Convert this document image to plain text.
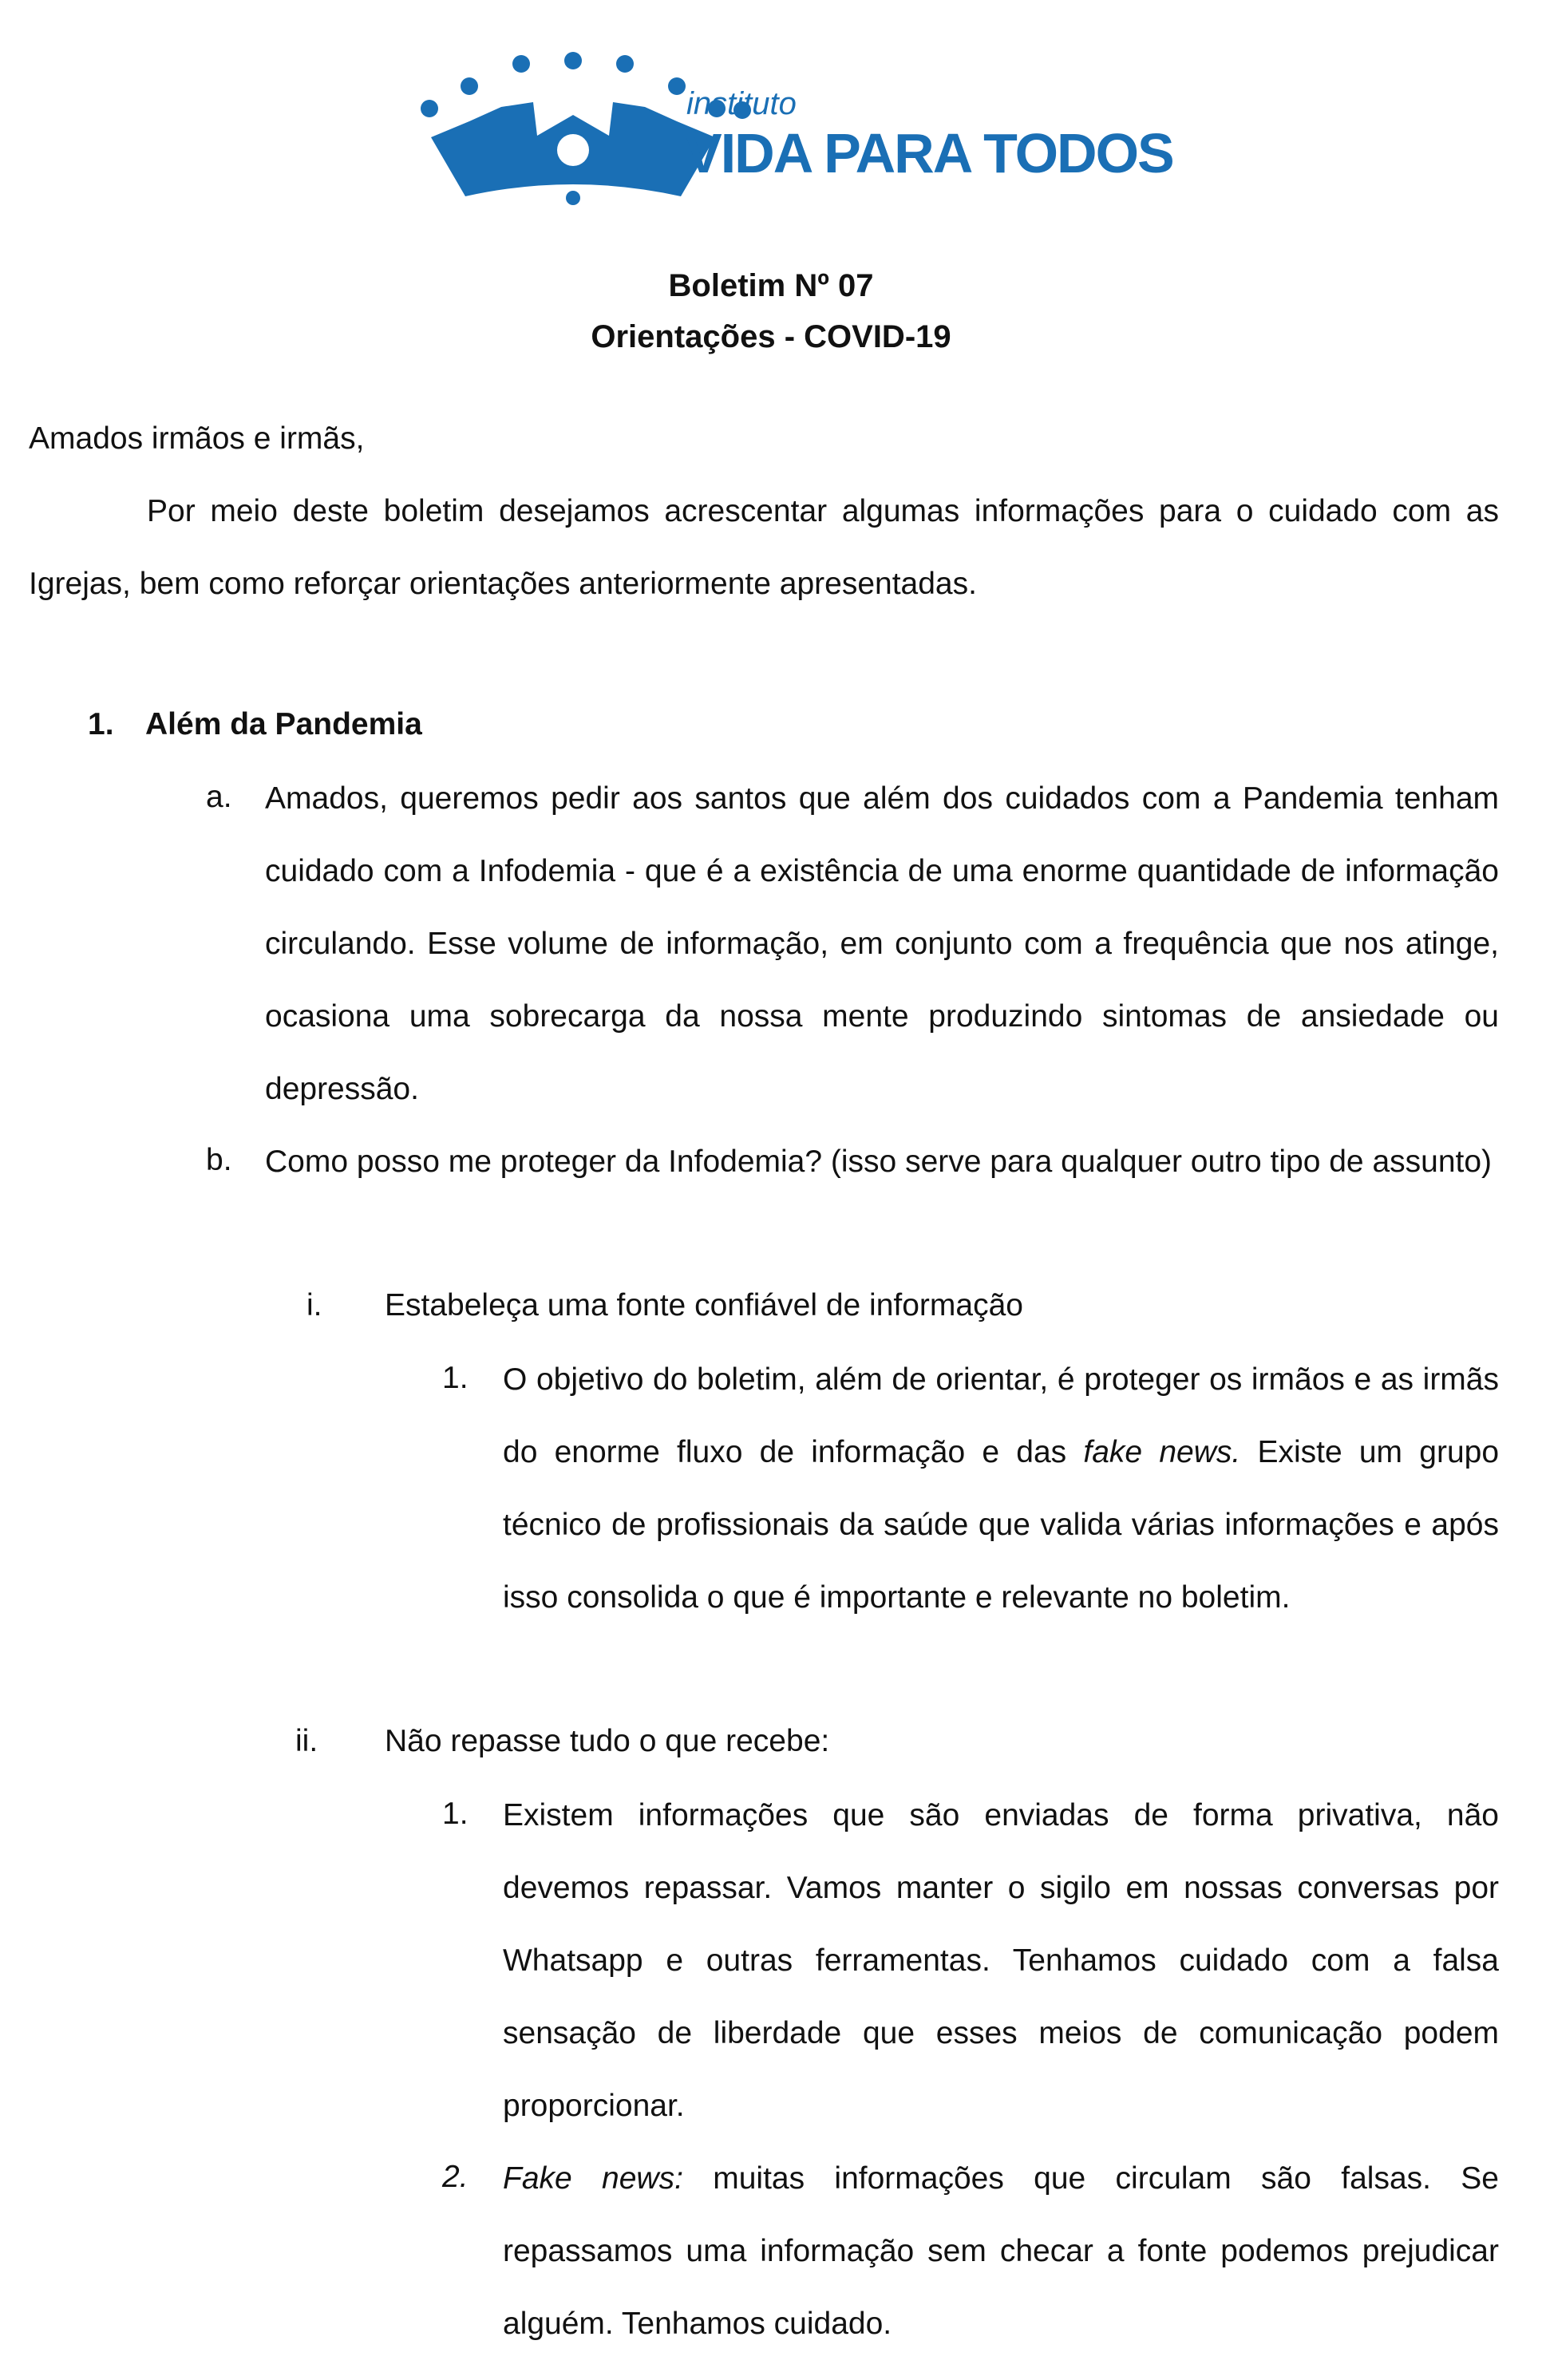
instituto
VIDA PARA TODOS
Boletim Nº 07
Orientações - COVID-19
Amados irmãos e irmãs,
Por meio deste boletim desejamos acrescentar algumas informações para o cuidado com as Igrejas, bem como reforçar orientações anteriormente apresentadas.
1. Além da Pandemia
a. Amados, queremos pedir aos santos que além dos cuidados com a Pandemia tenham cuidado com a Infodemia - que é a existência de uma enorme quantidade de informação circulando. Esse volume de informação, em conjunto com a frequência que nos atinge, ocasiona uma sobrecarga da nossa mente produzindo sintomas de ansiedade ou depressão.
b. Como posso me proteger da Infodemia? (isso serve para qualquer outro tipo de assunto)
i. Estabeleça uma fonte confiável de informação
1. O objetivo do boletim, além de orientar, é proteger os irmãos e as irmãs do enorme fluxo de informação e das fake news. Existe um grupo técnico de profissionais da saúde que valida várias informações e após isso consolida o que é importante e relevante no boletim.
ii. Não repasse tudo o que recebe:
1. Existem informações que são enviadas de forma privativa, não devemos repassar. Vamos manter o sigilo em nossas conversas por Whatsapp e outras ferramentas. Tenhamos cuidado com a falsa sensação de liberdade que esses meios de comunicação podem proporcionar.
2. Fake news: muitas informações que circulam são falsas. Se repassamos uma informação sem checar a fonte podemos prejudicar alguém. Tenhamos cuidado.
